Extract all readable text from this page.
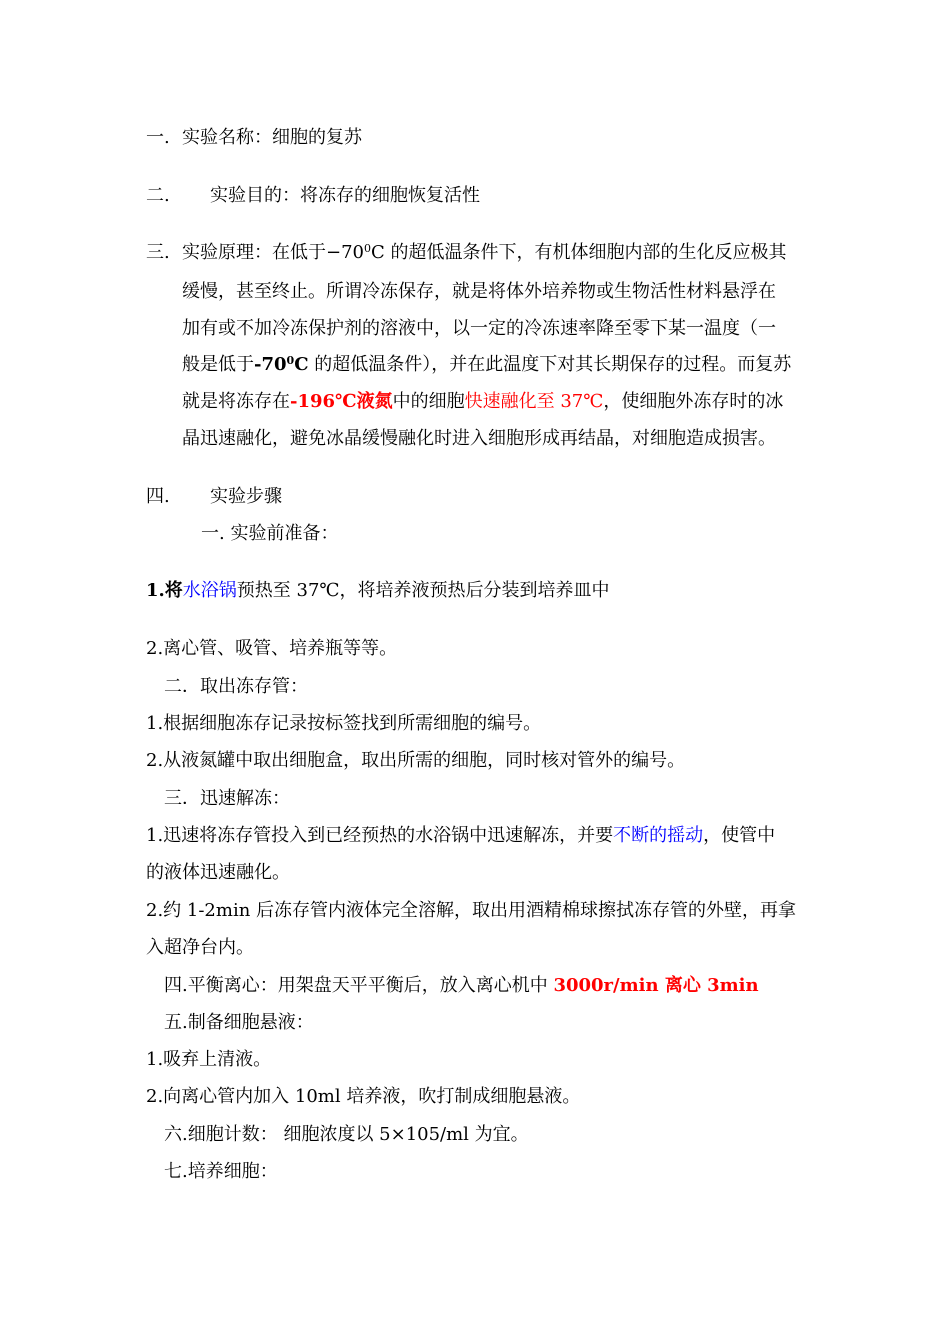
一. 实验名称：细胞的复苏
二. 实验目的：将冻存的细胞恢复活性
三. 实验原理：在低于$-70^0C$ 的超低温条件下，有机体细胞内部的生化反应极其
缓慢，甚至终止。所谓冷冻保存，就是将体外培养物或生物活性材料悬浮在
加有或不加冷冻保护剂的溶液中，以一定的冷冻速率降至零下某一温度（一
般是低于$-70^0C$ 的超低温条件），并在此温度下对其长期保存的过程。而复苏
就是将冻存在-196℃液氮中的细胞快速融化至 37℃，使细胞外冻存时的冰
晶迅速融化，避免冰晶缓慢融化时进入细胞形成再结晶，对细胞造成损害。
四. 实验步骤
一. 实验前准备：
1.将水浴锅预热至 37℃，将培养液预热后分装到培养皿中
2.离心管、吸管、培养瓶等等。
二．取出冻存管：
1.根据细胞冻存记录按标签找到所需细胞的编号。
2.从液氮罐中取出细胞盒，取出所需的细胞，同时核对管外的编号。
三．迅速解冻：
1.迅速将冻存管投入到已经预热的水浴锅中迅速解冻，并要不断的摇动，使管中
的液体迅速融化。
2.约 1-2min 后冻存管内液体完全溶解，取出用酒精棉球擦拭冻存管的外壁，再拿
入超净台内。
四.平衡离心：用架盘天平平衡后，放入离心机中 3000r/min 离心 3min
五.制备细胞悬液：
1.吸弃上清液。
2.向离心管内加入 10ml 培养液，吹打制成细胞悬液。
六.细胞计数： 细胞浓度以 5×105/ml 为宜。
七.培养细胞：
